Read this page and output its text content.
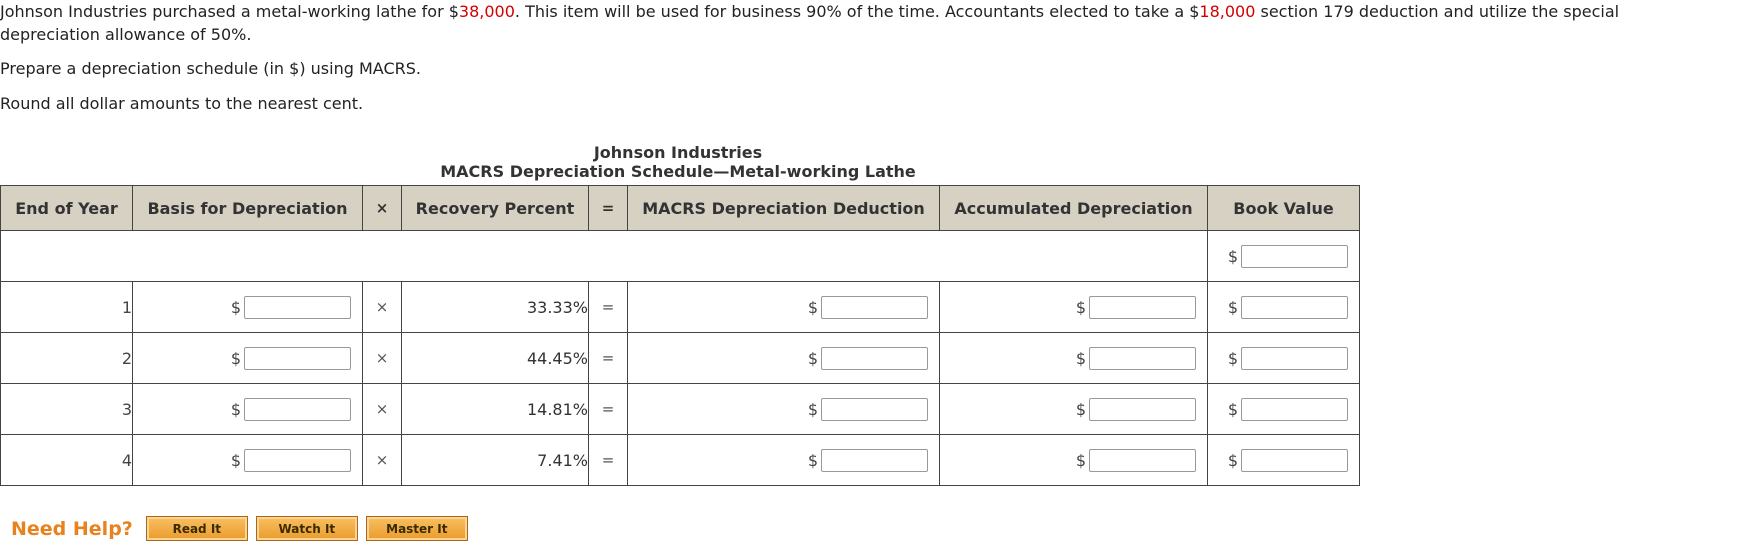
Johnson Industries purchased a metal-working lathe for $38,000. This item will be used for business 90% of the time. Accountants elected to take a $18,000 section 179 deduction and utilize the special depreciation allowance of 50%.

Prepare a depreciation schedule (in $) using MACRS.

Round all dollar amounts to the nearest cent.

Johnson Industries
MACRS Depreciation Schedule—Metal-working Lathe
End of Year	Basis for Depreciation	×	Recovery Percent	=	MACRS Depreciation Deduction	Accumulated Depreciation	Book Value

							$

1	$	×	33.33%	=	$	$	$

2	$	×	44.45%	=	$	$	$

3	$	×	14.81%	=	$	$	$

4	$	×	7.41%	=	$	$	$
Need Help?	Read It	Watch It	Master It
